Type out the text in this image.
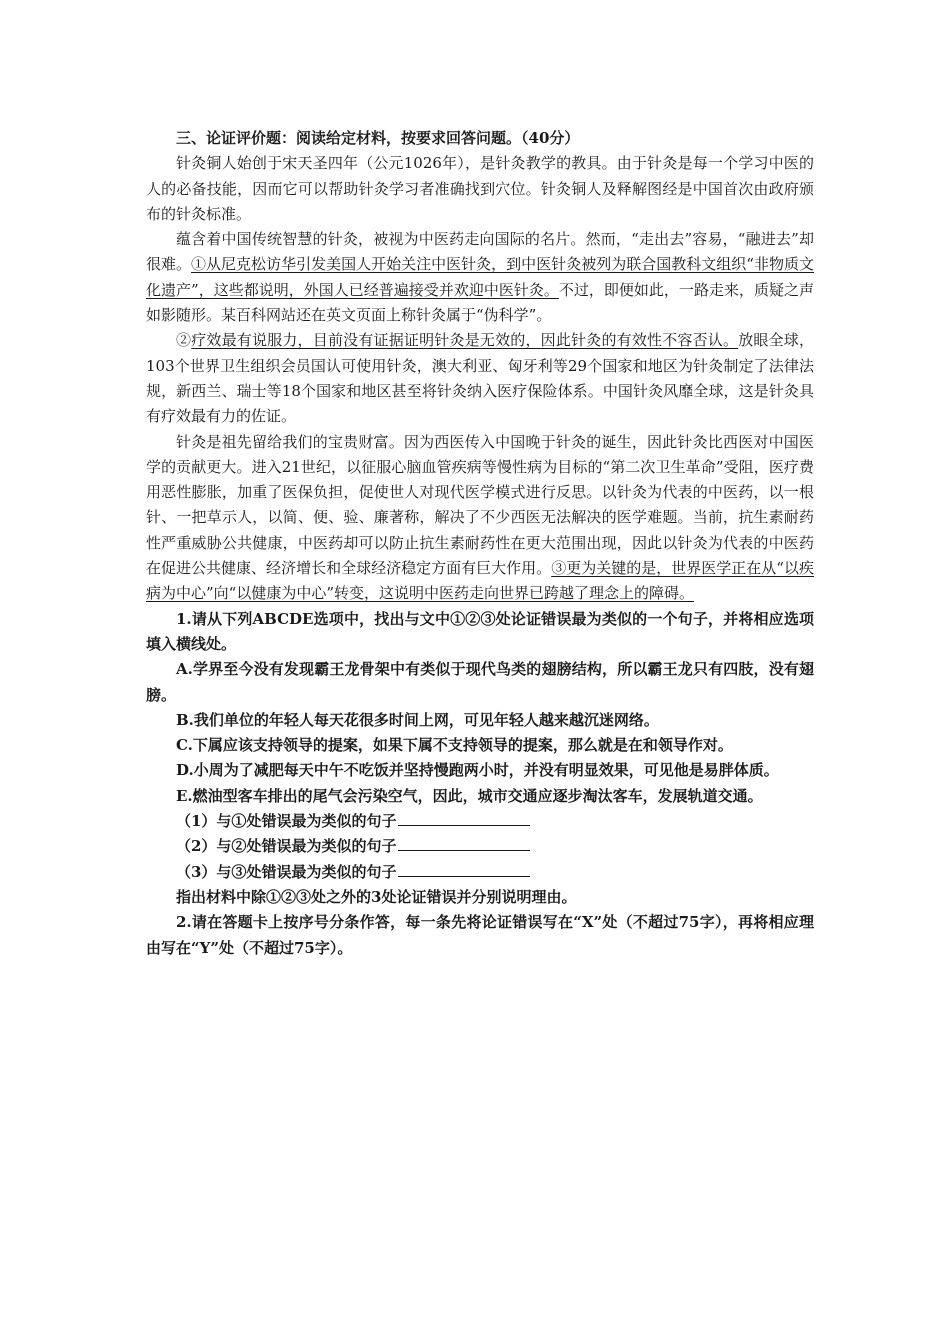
三、论证评价题：阅读给定材料，按要求回答问题。（40分）

针灸铜人始创于宋天圣四年（公元1026年），是针灸教学的教具。由于针灸是每一个学习中医的人的必备技能，因而它可以帮助针灸学习者准确找到穴位。针灸铜人及释解图经是中国首次由政府颁布的针灸标准。

蕴含着中国传统智慧的针灸，被视为中医药走向国际的名片。然而，“走出去”容易，“融进去”却很难。①从尼克松访华引发美国人开始关注中医针灸，到中医针灸被列为联合国教科文组织“非物质文化遗产”，这些都说明，外国人已经普遍接受并欢迎中医针灸。不过，即便如此，一路走来，质疑之声如影随形。某百科网站还在英文页面上称针灸属于“伪科学”。

②疗效最有说服力，目前没有证据证明针灸是无效的，因此针灸的有效性不容否认。放眼全球，103个世界卫生组织会员国认可使用针灸，澳大利亚、匈牙利等29个国家和地区为针灸制定了法律法规，新西兰、瑞士等18个国家和地区甚至将针灸纳入医疗保险体系。中国针灸风靡全球，这是针灸具有疗效最有力的佐证。

针灸是祖先留给我们的宝贵财富。因为西医传入中国晚于针灸的诞生，因此针灸比西医对中国医学的贡献更大。进入21世纪，以征服心脑血管疾病等慢性病为目标的“第二次卫生革命”受阻，医疗费用恶性膨胀，加重了医保负担，促使世人对现代医学模式进行反思。以针灸为代表的中医药，以一根针、一把草示人，以简、便、验、廉著称，解决了不少西医无法解决的医学难题。当前，抗生素耐药性严重威胁公共健康，中医药却可以防止抗生素耐药性在更大范围出现，因此以针灸为代表的中医药在促进公共健康、经济增长和全球经济稳定方面有巨大作用。③更为关键的是，世界医学正在从“以疾病为中心”向“以健康为中心”转变，这说明中医药走向世界已跨越了理念上的障碍。

1.请从下列ABCDE选项中，找出与文中①②③处论证错误最为类似的一个句子，并将相应选项填入横线处。

A.学界至今没有发现霸王龙骨架中有类似于现代鸟类的翅膀结构，所以霸王龙只有四肢，没有翅膀。

B.我们单位的年轻人每天花很多时间上网，可见年轻人越来越沉迷网络。

C.下属应该支持领导的提案，如果下属不支持领导的提案，那么就是在和领导作对。

D.小周为了减肥每天中午不吃饭并坚持慢跑两小时，并没有明显效果，可见他是易胖体质。

E.燃油型客车排出的尾气会污染空气，因此，城市交通应逐步淘汰客车，发展轨道交通。

（1）与①处错误最为类似的句子

（2）与②处错误最为类似的句子

（3）与③处错误最为类似的句子

指出材料中除①②③处之外的3处论证错误并分别说明理由。

2.请在答题卡上按序号分条作答，每一条先将论证错误写在“X”处（不超过75字），再将相应理由写在“Y”处（不超过75字）。
